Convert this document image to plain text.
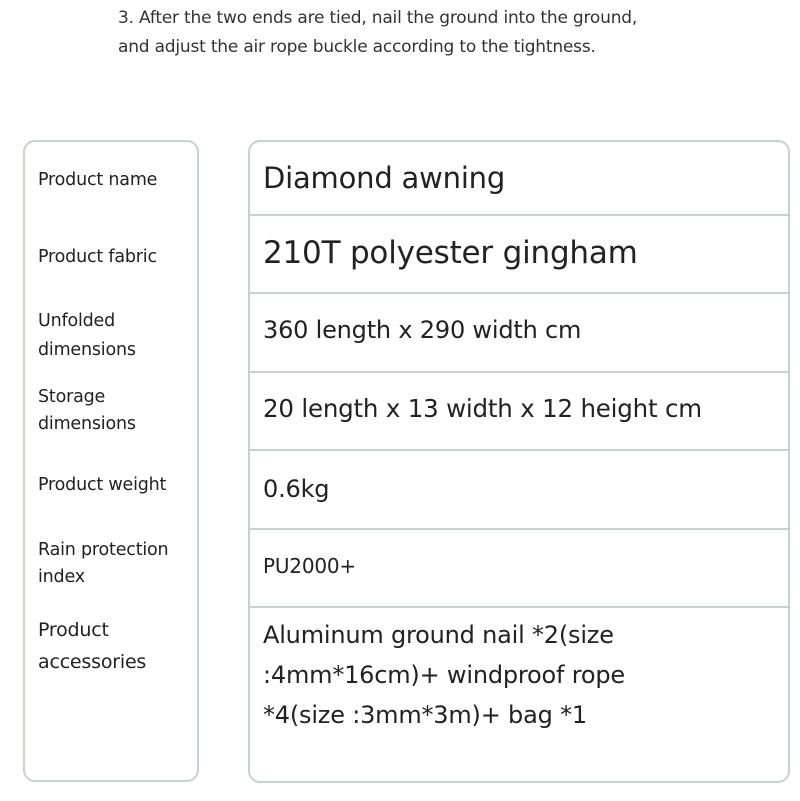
3. After the two ends are tied, nail the ground into the ground,
and adjust the air rope buckle according to the tightness.
Product name
Product fabric
Unfolded
dimensions
Storage
dimensions
Product weight
Rain protection
index
Product
accessories
Diamond awning
210T polyester gingham
360 length x 290 width cm
20 length x 13 width x 12 height cm
0.6kg
PU2000+
Aluminum ground nail *2(size
:4mm*16cm)+ windproof rope
*4(size :3mm*3m)+ bag *1
